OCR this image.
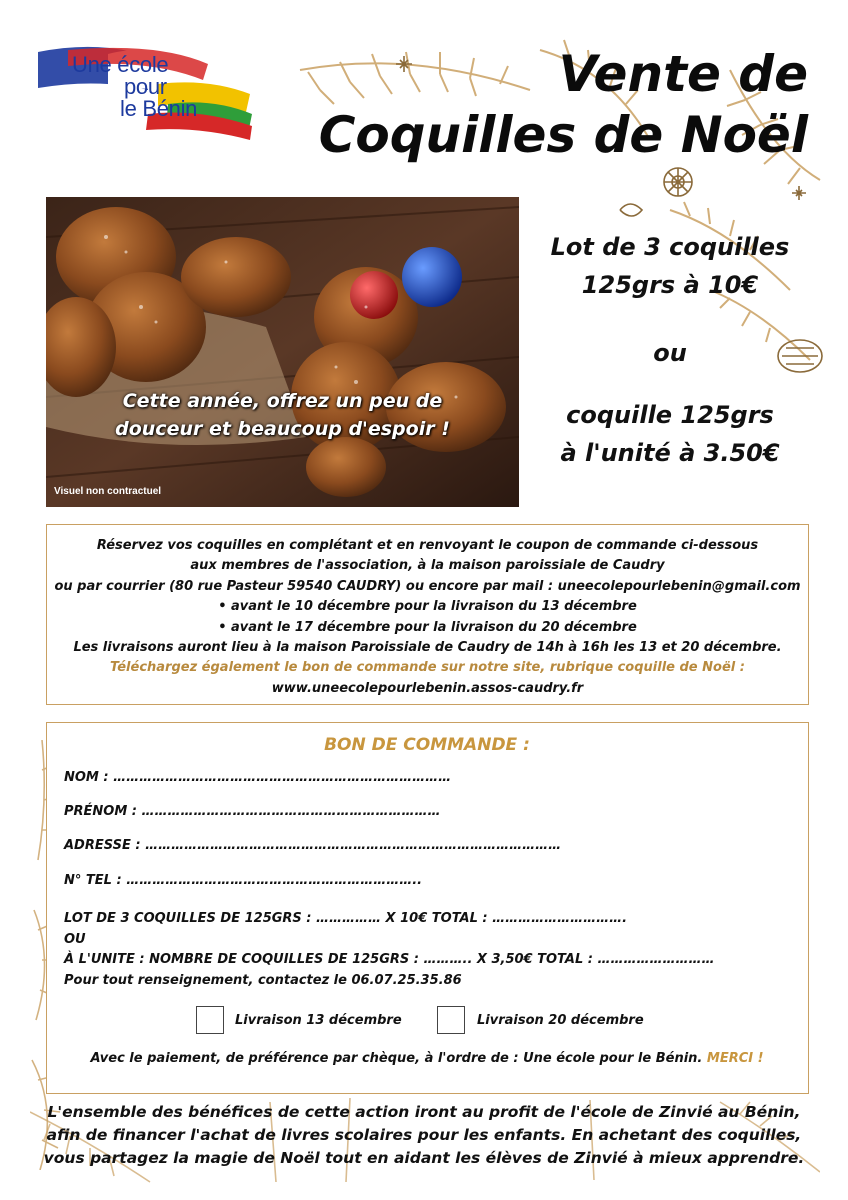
Une école
pour
le Bénin
Vente de
Coquilles de Noël
Cette année, offrez un peu de
douceur et beaucoup d'espoir !
Visuel non contractuel
Lot de 3 coquilles
125grs à 10€
ou
coquille 125grs
à l'unité à 3.50€
Réservez vos coquilles en complétant et en renvoyant le coupon de commande ci-dessous
aux membres de l'association, à la maison paroissiale de Caudry
ou par courrier (80 rue Pasteur 59540 CAUDRY) ou encore par mail : uneecolepourlebenin@gmail.com
• avant le 10 décembre pour la livraison du 13 décembre
• avant le 17 décembre pour la livraison du 20 décembre
Les livraisons auront lieu à la maison Paroissiale de Caudry de 14h à 16h les 13 et 20 décembre.
Téléchargez également le bon de commande sur notre site, rubrique coquille de Noël :
www.uneecolepourlebenin.assos-caudry.fr
BON DE COMMANDE :
NOM : ……………………………………………………………………
PRÉNOM : ……………………………………………………………
ADRESSE : ……………………………………………………………………………………
N° TEL : …………………………………………………………..
LOT DE 3 COQUILLES DE 125GRS : …………… X 10€ TOTAL : ………………………….
OU
À L'UNITE : NOMBRE DE COQUILLES DE 125GRS : ……….. X 3,50€ TOTAL : ………………………
Pour tout renseignement, contactez le 06.07.25.35.86
Livraison 13 décembre	Livraison 20 décembre
Avec le paiement, de préférence par chèque, à l'ordre de : Une école pour le Bénin. MERCI !
L'ensemble des bénéfices de cette action iront au profit de l'école de Zinvié au Bénin,
afin de financer l'achat de livres scolaires pour les enfants. En achetant des coquilles,
vous partagez la magie de Noël tout en aidant les élèves de Zinvié à mieux apprendre.
